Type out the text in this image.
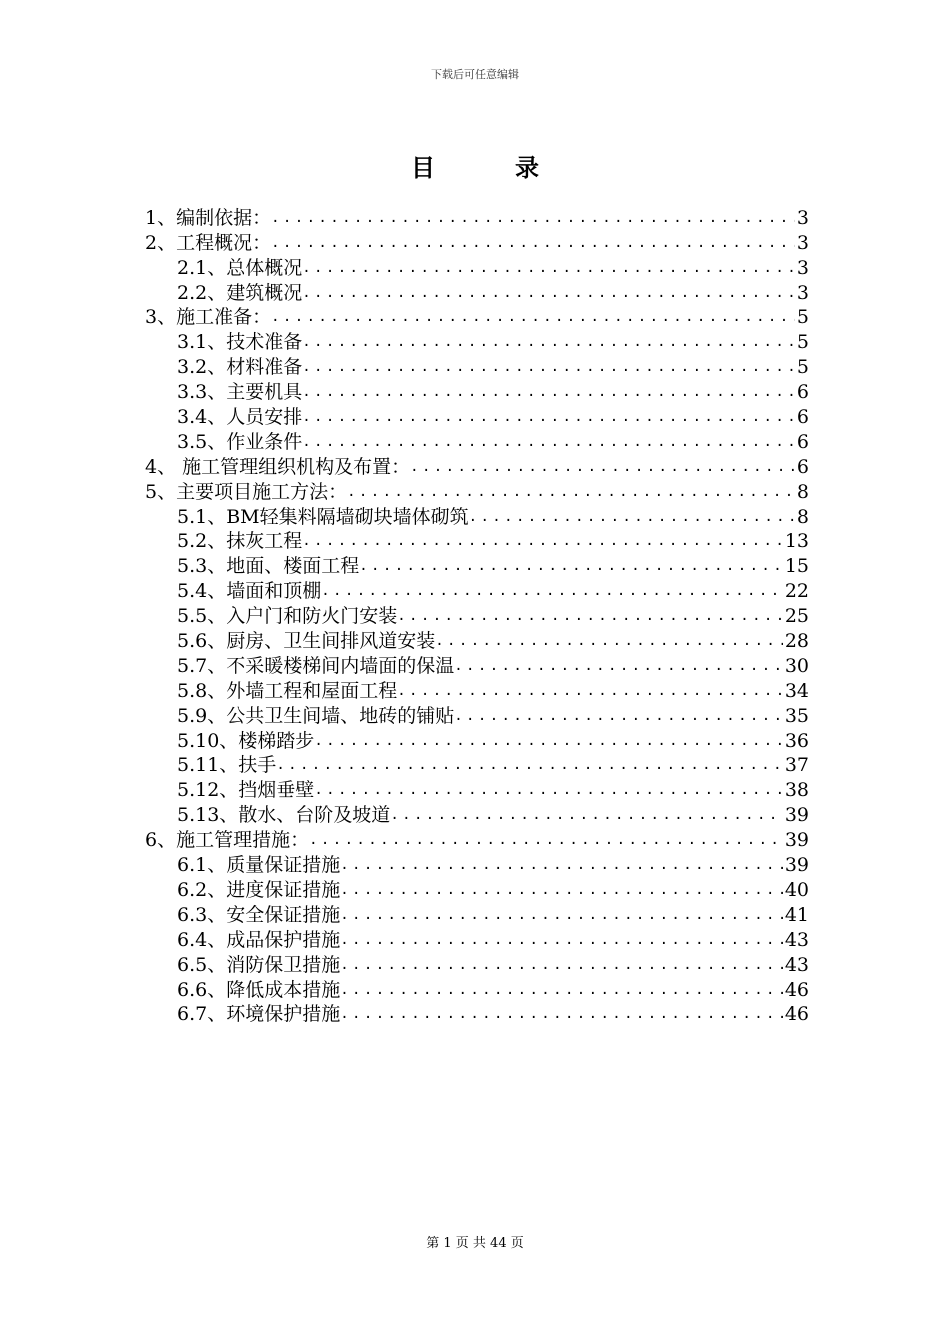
下载后可任意编辑
目录
1、编制依据： .....	3
2、工程概况： .....	3
2.1、总体概况 .....	3
2.2、建筑概况 .....	3
3、施工准备： .....	5
3.1、技术准备 .....	5
3.2、材料准备 .....	5
3.3、主要机具 .....	6
3.4、人员安排 .....	6
3.5、作业条件 .....	6
4、 施工管理组织机构及布置： .....	6
5、主要项目施工方法： .....	8
5.1、BM轻集料隔墙砌块墙体砌筑 .....	8
5.2、抹灰工程 .....	13
5.3、地面、楼面工程 .....	15
5.4、墙面和顶棚 .....	22
5.5、入户门和防火门安装 .....	25
5.6、厨房、卫生间排风道安装 .....	28
5.7、不采暖楼梯间内墙面的保温 .....	30
5.8、外墙工程和屋面工程 .....	34
5.9、公共卫生间墙、地砖的铺贴 .....	35
5.10、楼梯踏步 .....	36
5.11、扶手 .....	37
5.12、挡烟垂壁 .....	38
5.13、散水、台阶及坡道 .....	39
6、施工管理措施： .....	39
6.1、质量保证措施 .....	39
6.2、进度保证措施 .....	40
6.3、安全保证措施 .....	41
6.4、成品保护措施 .....	43
6.5、消防保卫措施 .....	43
6.6、降低成本措施 .....	46
6.7、环境保护措施 .....	46
第 1 页 共 44 页
